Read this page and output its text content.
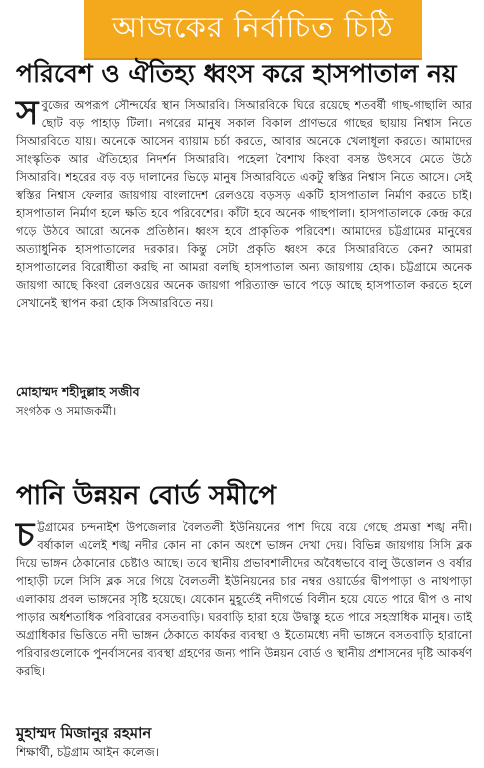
আজকের নির্বাচিত চিঠি
পরিবেশ ও ঐতিহ্য ধ্বংস করে হাসপাতাল নয়
স বুজের অপরূপ সৌন্দর্যের স্থান সিআরবি। সিআরবিকে ঘিরে রয়েছে শতবর্ষী গাছ-গাছালি আর ছোট বড় পাহাড় টিলা। নগরের মানুষ সকাল বিকাল প্রাণভরে গাছের ছায়ায় নিশ্বাস নিতে সিআরবিতে যায়। অনেকে আসেন ব্যায়াম চর্চা করতে, আবার অনেকে খেলাধূলা করতে। আমাদের সাংস্কৃতিক আর ঐতিহ্যের নিদর্শন সিআরবি। পহেলা বৈশাখ কিংবা বসন্ত উৎসবে মেতে উঠে সিআরবি। শহরের বড় বড় দালানের ভিড়ে মানুষ সিআরবিতে একটু স্বস্তির নিশ্বাস নিতে আসে। সেই স্বস্তির নিশ্বাস ফেলার জায়গায় বাংলাদেশ রেলওয়ে বড়সড় একটি হাসপাতাল নির্মাণ করতে চাই। হাসপাতাল নির্মাণ হলে ক্ষতি হবে পরিবেশের। কাঁটা হবে অনেক গাছপালা। হাসপাতালকে কেন্দ্র করে গড়ে উঠবে আরো অনেক প্রতিষ্ঠান। ধ্বংস হবে প্রাকৃতিক পরিবেশ। আমাদের চট্টগ্রামের মানুষের অত্যাধুনিক হাসপাতালের দরকার। কিন্তু সেটা প্রকৃতি ধ্বংস করে সিআরবিতে কেন? আমরা হাসপাতালের বিরোধীতা করছি না আমরা বলছি হাসপাতাল অন্য জায়গায় হোক। চট্টগ্রামে অনেক জায়গা আছে কিংবা রেলওয়ের অনেক জায়গা পরিত্যাক্ত ভাবে পড়ে আছে হাসপাতাল করতে হলে সেখানেই স্থাপন করা হোক সিআরবিতে নয়।
মোহাম্মদ শহীদুল্লাহ সজীব
সংগঠক ও সমাজকর্মী।
পানি উন্নয়ন বোর্ড সমীপে
চ ট্টগ্রামের চন্দনাইশ উপজেলার বৈলতলী ইউনিয়নের পাশ দিয়ে বয়ে গেছে প্রমত্তা শঙ্খ নদী। বর্ষাকাল এলেই শঙ্খ নদীর কোন না কোন অংশে ভাঙ্গন দেখা দেয়। বিভিন্ন জায়গায় সিসি ব্লক দিয়ে ভাঙ্গন ঠেকানোর চেষ্টাও আছে। তবে স্থানীয় প্রভাবশালীদের অবৈধভাবে বালু উত্তোলন ও বর্ষার পাহাড়ী ঢলে সিসি ব্লক সরে গিয়ে বৈলতলী ইউনিয়নের চার নম্বর ওয়ার্ডের দ্বীপপাড়া ও নাথপাড়া এলাকায় প্রবল ভাঙ্গনের সৃষ্টি হয়েছে। যেকোন মুহূর্তেই নদীগর্ভে বিলীন হয়ে যেতে পারে দ্বীপ ও নাথ পাড়ার অর্ধশতাধিক পরিবারের বসতবাড়ি। ঘরবাড়ি হারা হয়ে উদ্বাস্তু হতে পারে সহস্রাধিক মানুষ। তাই অগ্রাধিকার ভিত্তিতে নদী ভাঙ্গন ঠেকাতে কার্যকর ব্যবস্থা ও ইতোমধ্যে নদী ভাঙ্গনে বসতবাড়ি হারানো পরিবারগুলোকে পুনর্বাসনের ব্যবস্থা গ্রহণের জন্য পানি উন্নয়ন বোর্ড ও স্থানীয় প্রশাসনের দৃষ্টি আকর্ষণ করছি।
মুহাম্মদ মিজানুর রহমান
শিক্ষার্থী, চট্টগ্রাম আইন কলেজ।
